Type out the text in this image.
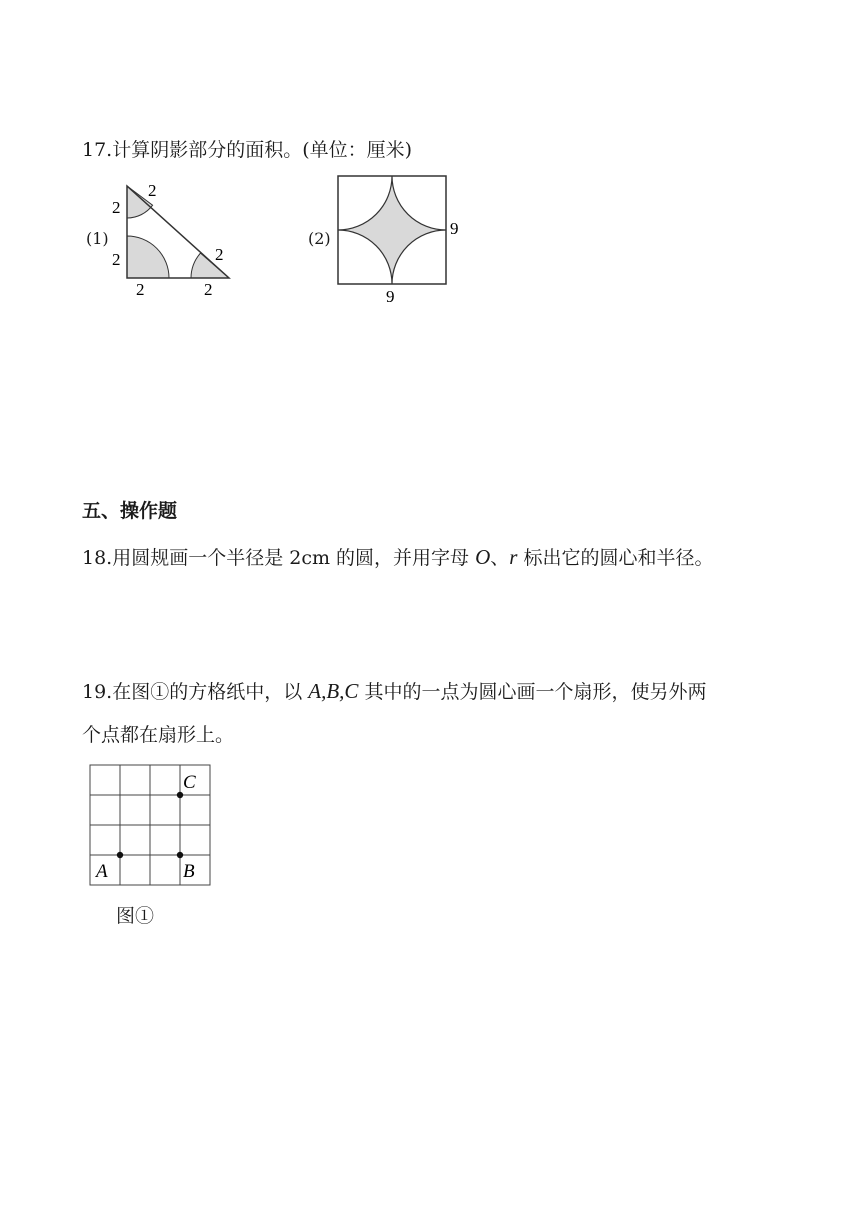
17.计算阴影部分的面积。(单位：厘米)
(1)
2
2
2	2
2	2
(2)
9
9
五、操作题
18.用圆规画一个半径是 2cm 的圆，并用字母 O、r 标出它的圆心和半径。
19.在图①的方格纸中，以 A,B,C 其中的一点为圆心画一个扇形，使另外两
个点都在扇形上。
A	B
C
图①
